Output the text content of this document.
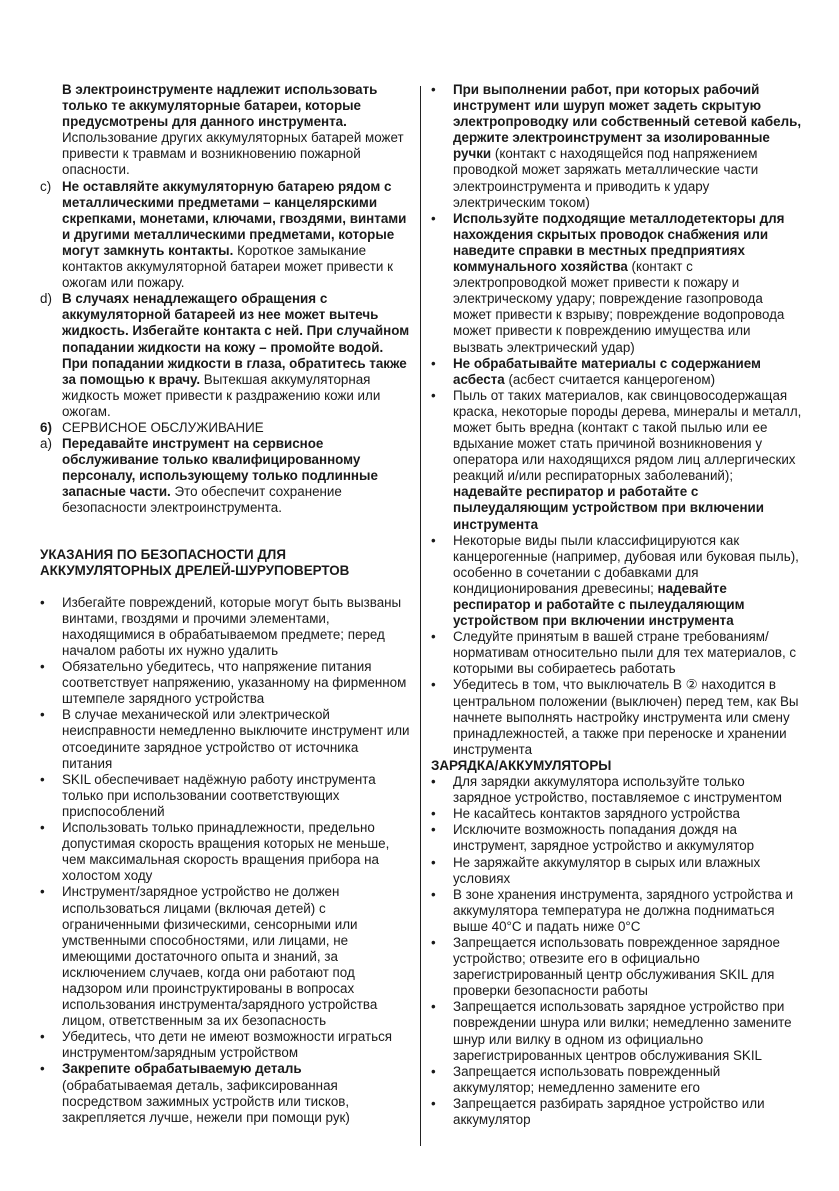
В электроинструменте надлежит использовать только те аккумуляторные батареи, которые предусмотрены для данного инструмента. Использование других аккумуляторных батарей может привести к травмам и возникновению пожарной опасности.

c) Не оставляйте аккумуляторную батарею рядом с металлическими предметами – канцелярскими скрепками, монетами, ключами, гвоздями, винтами и другими металлическими предметами, которые могут замкнуть контакты. Короткое замыкание контактов аккумуляторной батареи может привести к ожогам или пожару.

d) В случаях ненадлежащего обращения с аккумуляторной батареей из нее может вытечь жидкость. Избегайте контакта с ней. При случайном попадании жидкости на кожу – промойте водой. При попадании жидкости в глаза, обратитесь также за помощью к врачу. Вытекшая аккумуляторная жидкость может привести к раздражению кожи или ожогам.

6) СЕРВИСНОЕ ОБСЛУЖИВАНИЕ

a) Передавайте инструмент на сервисное обслуживание только квалифицированному персоналу, использующему только подлинные запасные части. Это обеспечит сохранение безопасности электроинструмента.

УКАЗАНИЯ ПО БЕЗОПАСНОСТИ ДЛЯ АККУМУЛЯТОРНЫХ ДРЕЛЕЙ-ШУРУПОВЕРТОВ

• Избегайте повреждений, которые могут быть вызваны винтами, гвоздями и прочими элементами, находящимися в обрабатываемом предмете; перед началом работы их нужно удалить

• Обязательно убедитесь, что напряжение питания соответствует напряжению, указанному на фирменном штемпеле зарядного устройства

• В случае механической или электрической неисправности немедленно выключите инструмент или отсоедините зарядное устройство от источника питания

• SKIL обеспечивает надёжную работу инструмента только при использовании соответствующих приспособлений

• Использовать только принадлежности, предельно допустимая скорость вращения которых не меньше, чем максимальная скорость вращения прибора на холостом ходу

• Инструмент/зарядное устройство не должен использоваться лицами (включая детей) с ограниченными физическими, сенсорными или умственными способностями, или лицами, не имеющими достаточного опыта и знаний, за исключением случаев, когда они работают под надзором или проинструктированы в вопросах использования инструмента/зарядного устройства лицом, ответственным за их безопасность

• Убедитесь, что дети не имеют возможности играться инструментом/зарядным устройством

• Закрепите обрабатываемую деталь
(обрабатываемая деталь, зафиксированная посредством зажимных устройств или тисков, закрепляется лучше, нежели при помощи рук)

• При выполнении работ, при которых рабочий инструмент или шуруп может задеть скрытую электропроводку или собственный сетевой кабель, держите электроинструмент за изолированные ручки (контакт с находящейся под напряжением проводкой может заряжать металлические части электроинструмента и приводить к удару электрическим током)

• Используйте подходящие металлодетекторы для нахождения скрытых проводок снабжения или наведите справки в местных предприятиях коммунального хозяйства (контакт с электропроводкой может привести к пожару и электрическому удару; повреждение газопровода может привести к взрыву; повреждение водопровода может привести к повреждению имущества или вызвать электрический удар)

• Не обрабатывайте материалы с содержанием асбеста (асбест считается канцерогеном)

• Пыль от таких материалов, как свинцовосодержащая краска, некоторые породы дерева, минералы и металл, может быть вредна (контакт с такой пылью или ее вдыхание может стать причиной возникновения у оператора или находящихся рядом лиц аллергических реакций и/или респираторных заболеваний); надевайте респиратор и работайте с пылеудаляющим устройством при включении инструмента

• Некоторые виды пыли классифицируются как канцерогенные (например, дубовая или буковая пыль), особенно в сочетании с добавками для кондиционирования древесины; надевайте респиратор и работайте с пылеудаляющим устройством при включении инструмента

• Следуйте принятым в вашей стране требованиям/нормативам относительно пыли для тех материалов, с которыми вы собираетесь работать

• Убедитесь в том, что выключатель B ② находится в центральном положении (выключен) перед тем, как Вы начнете выполнять настройку инструмента или смену принадлежностей, а также при переноске и хранении инструмента

ЗАРЯДКА/АККУМУЛЯТОРЫ

• Для зарядки аккумулятора используйте только зарядное устройство, поставляемое с инструментом

• Не касайтесь контактов зарядного устройства

• Исключите возможность попадания дождя на инструмент, зарядное устройство и аккумулятор

• Не заряжайте аккумулятор в сырых или влажных условиях

• В зоне хранения инструмента, зарядного устройства и аккумулятора температура не должна подниматься выше 40°C и падать ниже 0°C

• Запрещается использовать поврежденное зарядное устройство; отвезите его в официально зарегистрированный центр обслуживания SKIL для проверки безопасности работы

• Запрещается использовать зарядное устройство при повреждении шнура или вилки; немедленно замените шнур или вилку в одном из официально зарегистрированных центров обслуживания SKIL

• Запрещается использовать поврежденный аккумулятор; немедленно замените его

• Запрещается разбирать зарядное устройство или аккумулятор
